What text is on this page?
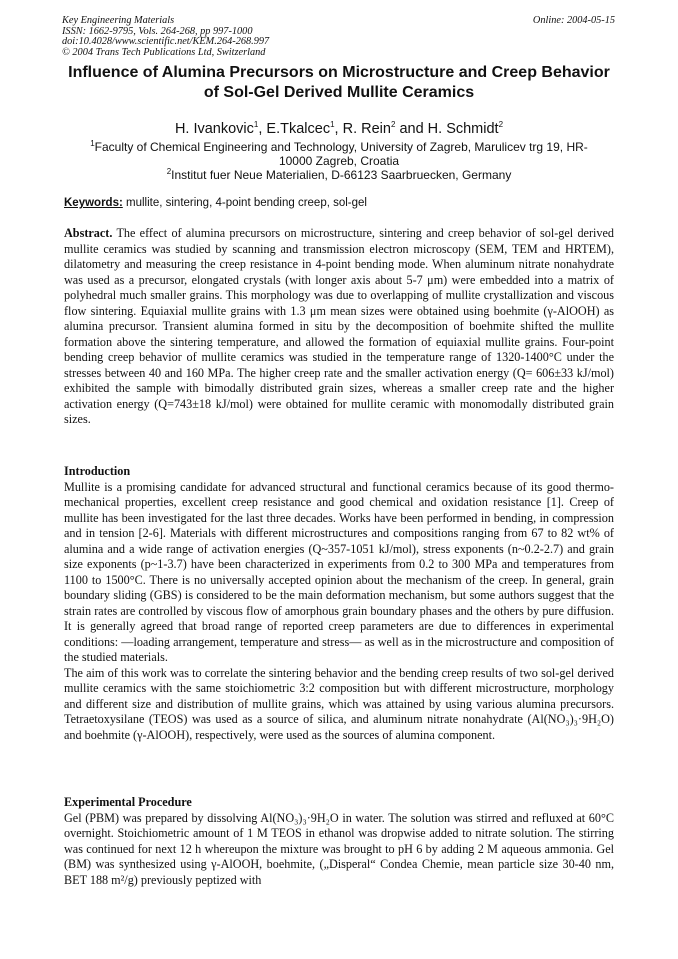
Key Engineering Materials
ISSN: 1662-9795, Vols. 264-268, pp 997-1000
doi:10.4028/www.scientific.net/KEM.264-268.997
© 2004 Trans Tech Publications Ltd, Switzerland
Online: 2004-05-15
Influence of Alumina Precursors on Microstructure and Creep Behavior
of Sol-Gel Derived Mullite Ceramics
H. Ivankovic$^1$, E.Tkalcec$^1$, R. Rein$^2$ and H. Schmidt$^2$
$^1$Faculty of Chemical Engineering and Technology, University of Zagreb, Marulicev trg 19, HR-
10000 Zagreb, Croatia
$^2$Institut fuer Neue Materialien, D-66123 Saarbruecken, Germany
Keywords: mullite, sintering, 4-point bending creep, sol-gel

Abstract. The effect of alumina precursors on microstructure, sintering and creep behavior of sol-gel derived mullite ceramics was studied by scanning and transmission electron microscopy (SEM, TEM and HRTEM), dilatometry and measuring the creep resistance in 4-point bending mode. When aluminum nitrate nonahydrate was used as a precursor, elongated crystals (with longer axis about 5-7 μm) were embedded into a matrix of polyhedral much smaller grains. This morphology was due to overlapping of mullite crystallization and viscous flow sintering. Equiaxial mullite grains with 1.3 μm mean sizes were obtained using boehmite (γ-AlOOH) as alumina precursor. Transient alumina formed in situ by the decomposition of boehmite shifted the mullite formation above the sintering temperature, and allowed the formation of equiaxial mullite grains. Four-point bending creep behavior of mullite ceramics was studied in the temperature range of 1320-1400°C under the stresses between 40 and 160 MPa. The higher creep rate and the smaller activation energy (Q= 606±33 kJ/mol) exhibited the sample with bimodally distributed grain sizes, whereas a smaller creep rate and the higher activation energy (Q=743±18 kJ/mol) were obtained for mullite ceramic with monomodally distributed grain sizes.

Introduction

Mullite is a promising candidate for advanced structural and functional ceramics because of its good thermo-mechanical properties, excellent creep resistance and good chemical and oxidation resistance [1]. Creep of mullite has been investigated for the last three decades. Works have been performed in bending, in compression and in tension [2-6]. Materials with different microstructures and compositions ranging from 67 to 82 wt% of alumina and a wide range of activation energies (Q~357-1051 kJ/mol), stress exponents (n~0.2-2.7) and grain size exponents (p~1-3.7) have been characterized in experiments from 0.2 to 300 MPa and temperatures from 1100 to 1500°C. There is no universally accepted opinion about the mechanism of the creep. In general, grain boundary sliding (GBS) is considered to be the main deformation mechanism, but some authors suggest that the strain rates are controlled by viscous flow of amorphous grain boundary phases and the others by pure diffusion. It is generally agreed that broad range of reported creep parameters are due to differences in experimental conditions: ―loading arrangement, temperature and stress― as well as in the microstructure and composition of the studied materials.

The aim of this work was to correlate the sintering behavior and the bending creep results of two sol-gel derived mullite ceramics with the same stoichiometric 3:2 composition but with different microstructure, morphology and different size and distribution of mullite grains, which was attained by using various alumina precursors. Tetraetoxysilane (TEOS) was used as a source of silica, and aluminum nitrate nonahydrate (Al(NO₃)₃·9H₂O) and boehmite (γ-AlOOH), respectively, were used as the sources of alumina component.

Experimental Procedure

Gel (PBM) was prepared by dissolving Al(NO₃)₃·9H₂O in water. The solution was stirred and refluxed at 60°C overnight. Stoichiometric amount of 1 M TEOS in ethanol was dropwise added to nitrate solution. The stirring was continued for next 12 h whereupon the mixture was brought to pH 6 by adding 2 M aqueous ammonia. Gel (BM) was synthesized using γ-AlOOH, boehmite, („Disperal“ Condea Chemie, mean particle size 30-40 nm, BET 188 m²/g) previously peptized with
